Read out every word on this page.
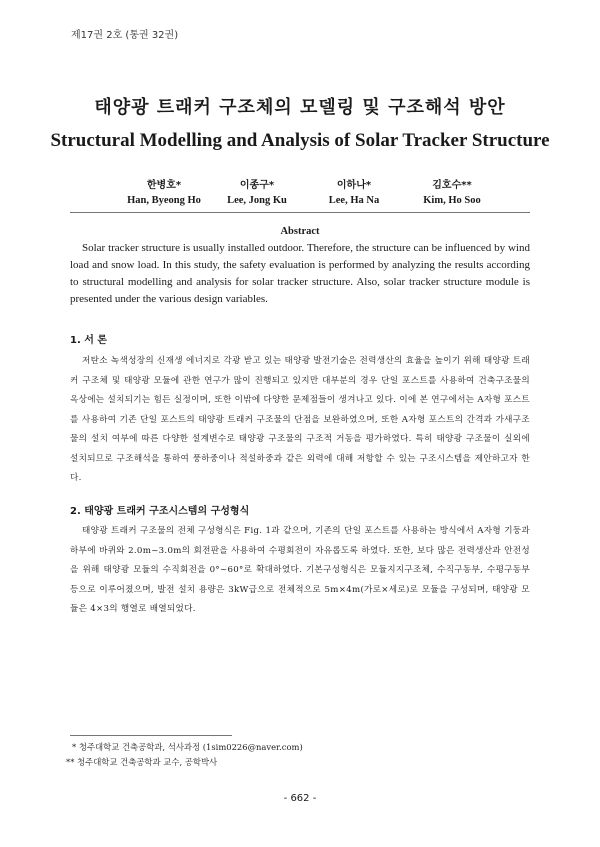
제17권 2호 (통권 32권)
태양광 트래커 구조체의 모델링 및 구조해석 방안
Structural Modelling and Analysis of Solar Tracker Structure
한병호*
Han, Byeong Ho
이종구*
Lee, Jong Ku
이하나*
Lee, Ha Na
김호수**
Kim, Ho Soo
Abstract
Solar tracker structure is usually installed outdoor. Therefore, the structure can be influenced by wind load and snow load. In this study, the safety evaluation is performed by analyzing the results according to structural modelling and analysis for solar tracker structure. Also, solar tracker structure module is presented under the various design variables.
1. 서 론
저탄소 녹색성장의 신재생 에너지로 각광 받고 있는 태양광 발전기술은 전력생산의 효율을 높이기 위해 태양광 트래커 구조체 및 태양광 모듈에 관한 연구가 많이 진행되고 있지만 대부분의 경우 단일 포스트를 사용하여 건축구조물의 옥상에는 설치되기는 힘든 실정이며, 또한 이밖에 다양한 문제점들이 생겨나고 있다. 이에 본 연구에서는 A자형 포스트를 사용하여 기존 단일 포스트의 태양광 트래커 구조물의 단점을 보완하였으며, 또한 A자형 포스트의 간격과 가새구조물의 설치 여부에 따른 다양한 설계변수로 태양광 구조물의 구조적 거동을 평가하였다. 특히 태양광 구조물이 실외에 설치되므로 구조해석을 통하여 풍하중이나 적설하중과 같은 외력에 대해 저항할 수 있는 구조시스템을 제안하고자 한다.
2. 태양광 트래커 구조시스템의 구성형식
태양광 트래커 구조물의 전체 구성형식은 Fig. 1과 같으며, 기존의 단일 포스트를 사용하는 방식에서 A자형 기둥과 하부에 바퀴와 2.0m~3.0m의 회전판을 사용하여 수평회전이 자유롭도록 하였다. 또한, 보다 많은 전력생산과 안전성을 위해 태양광 모듈의 수직회전을 0°~60°로 확대하였다. 기본구성형식은 모듈지지구조체, 수직구동부, 수평구동부 등으로 이루어졌으며, 발전 설치 용량은 3kW급으로 전체적으로 5m×4m(가로×세로)로 모듈을 구성되며, 태양광 모듈은 4×3의 행열로 배열되었다.
* 청주대학교 건축공학과, 석사과정 (1sim0226@naver.com)
** 청주대학교 건축공학과 교수, 공학박사
- 662 -
